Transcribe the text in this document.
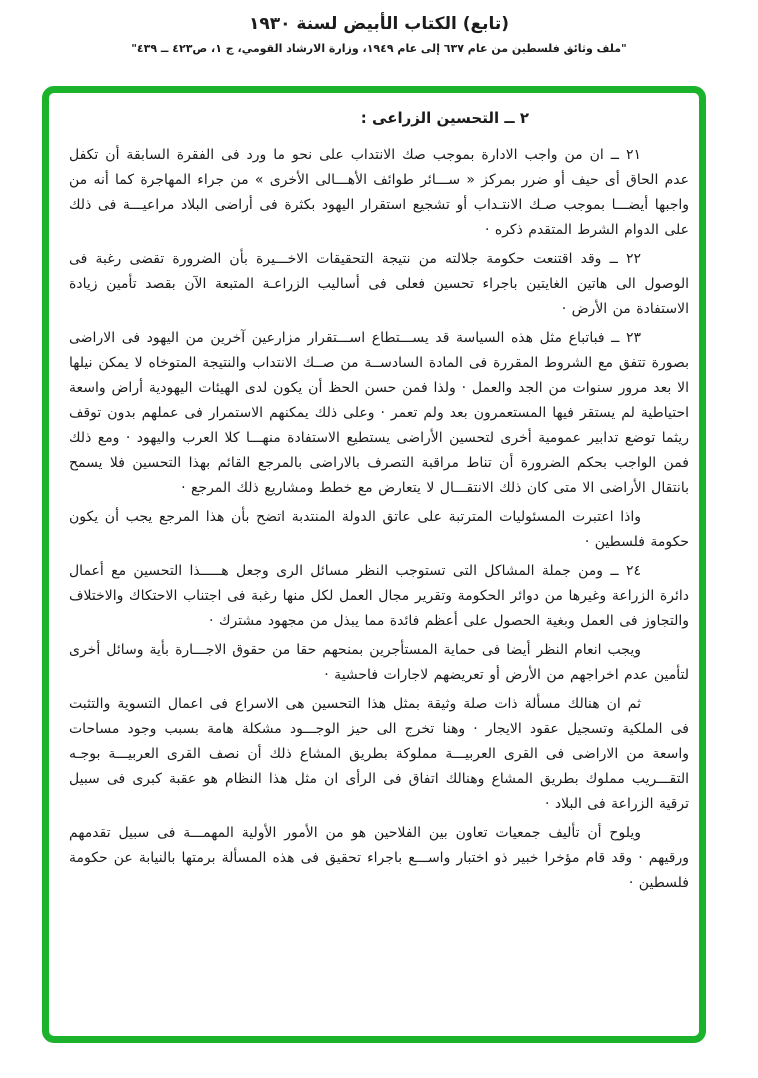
(تابع) الكتاب الأبيض لسنة ١٩٣٠
"ملف وثائق فلسطين من عام ٦٣٧ إلى عام ١٩٤٩، وزارة الارشاد القومي، ج ١، ص٤٢٣ ــ ٤٣٩"
٢ ــ التحسين الزراعى :

٢١ ــ ان من واجب الادارة بموجب صك الانتداب على نحو ما ورد فى الفقرة السابقة أن تكفل عدم الحاق أى حيف أو ضرر بمركز « ســـائر طوائف الأهـــالى الأخرى » من جراء المهاجرة كما أنه من واجبها أيضـــا بموجب صـك الانتـداب أو تشجيع استقرار اليهود بكثرة فى أراضى البلاد مراعيـــة فى ذلك على الدوام الشرط المتقدم ذكره ·

٢٢ ــ وقد اقتنعت حكومة جلالته من نتيجة التحقيقات الاخـــيرة بأن الضرورة تقضى رغبة فى الوصول الى هاتين الغايتين باجراء تحسين فعلى فى أساليب الزراعـة المتبعة الآن بقصد تأمين زيادة الاستفادة من الأرض ·

٢٣ ــ فباتباع مثل هذه السياسة قد يســـتطاع اســـتقرار مزارعين آخرين من اليهود فى الاراضى بصورة تتفق مع الشروط المقررة فى المادة السادســة من صــك الانتداب والنتيجة المتوخاه لا يمكن نيلها الا بعد مرور سنوات من الجد والعمل · ولذا فمن حسن الحظ أن يكون لدى الهيئات اليهودية أراض واسعة احتياطية لم يستقر فيها المستعمرون بعد ولم تعمر · وعلى ذلك يمكنهم الاستمرار فى عملهم بدون توقف ريثما توضع تدابير عمومية أخرى لتحسين الأراضى يستطيع الاستفادة منهـــا كلا العرب واليهود · ومع ذلك فمن الواجب بحكم الضرورة أن تناط مراقبة التصرف بالاراضى بالمرجع القائم بهذا التحسين فلا يسمح بانتقال الأراضى الا متى كان ذلك الانتقـــال لا يتعارض مع خطط ومشاريع ذلك المرجع ·

واذا اعتبرت المسئوليات المترتبة على عاتق الدولة المنتدبة اتضح بأن هذا المرجع يجب أن يكون حكومة فلسطين ·

٢٤ ــ ومن جملة المشاكل التى تستوجب النظر مسائل الرى وجعل هـــــذا التحسين مع أعمال دائرة الزراعة وغيرها من دوائر الحكومة وتقرير مجال العمل لكل منها رغبة فى اجتناب الاحتكاك والاختلاف والتجاوز فى العمل وبغية الحصول على أعظم فائدة مما يبذل من مجهود مشترك ·

ويجب انعام النظر أيضا فى حماية المستأجرين بمنحهم حقا من حقوق الاجـــارة بأية وسائل أخرى لتأمين عدم اخراجهم من الأرض أو تعريضهم لاجارات فاحشية ·

ثم ان هنالك مسألة ذات صلة وثيقة بمثل هذا التحسين هى الاسراع فى اعمال التسوية والتثبت فى الملكية وتسجيل عقود الايجار · وهنا تخرج الى حيز الوجـــود مشكلة هامة بسبب وجود مساحات واسعة من الاراضى فى القرى العربيـــة مملوكة بطريق المشاع ذلك أن نصف القرى العربيـــة بوجـه التقـــريب مملوك بطريق المشاع وهنالك اتفاق فى الرأى ان مثل هذا النظام هو عقبة كبرى فى سبيل ترقية الزراعة فى البلاد ·

ويلوح أن تأليف جمعيات تعاون بين الفلاحين هو من الأمور الأولية المهمـــة فى سبيل تقدمهم ورقيهم · وقد قام مؤخرا خبير ذو اختبار واســـع باجراء تحقيق فى هذه المسألة برمتها بالنيابة عن حكومة فلسطين ·
